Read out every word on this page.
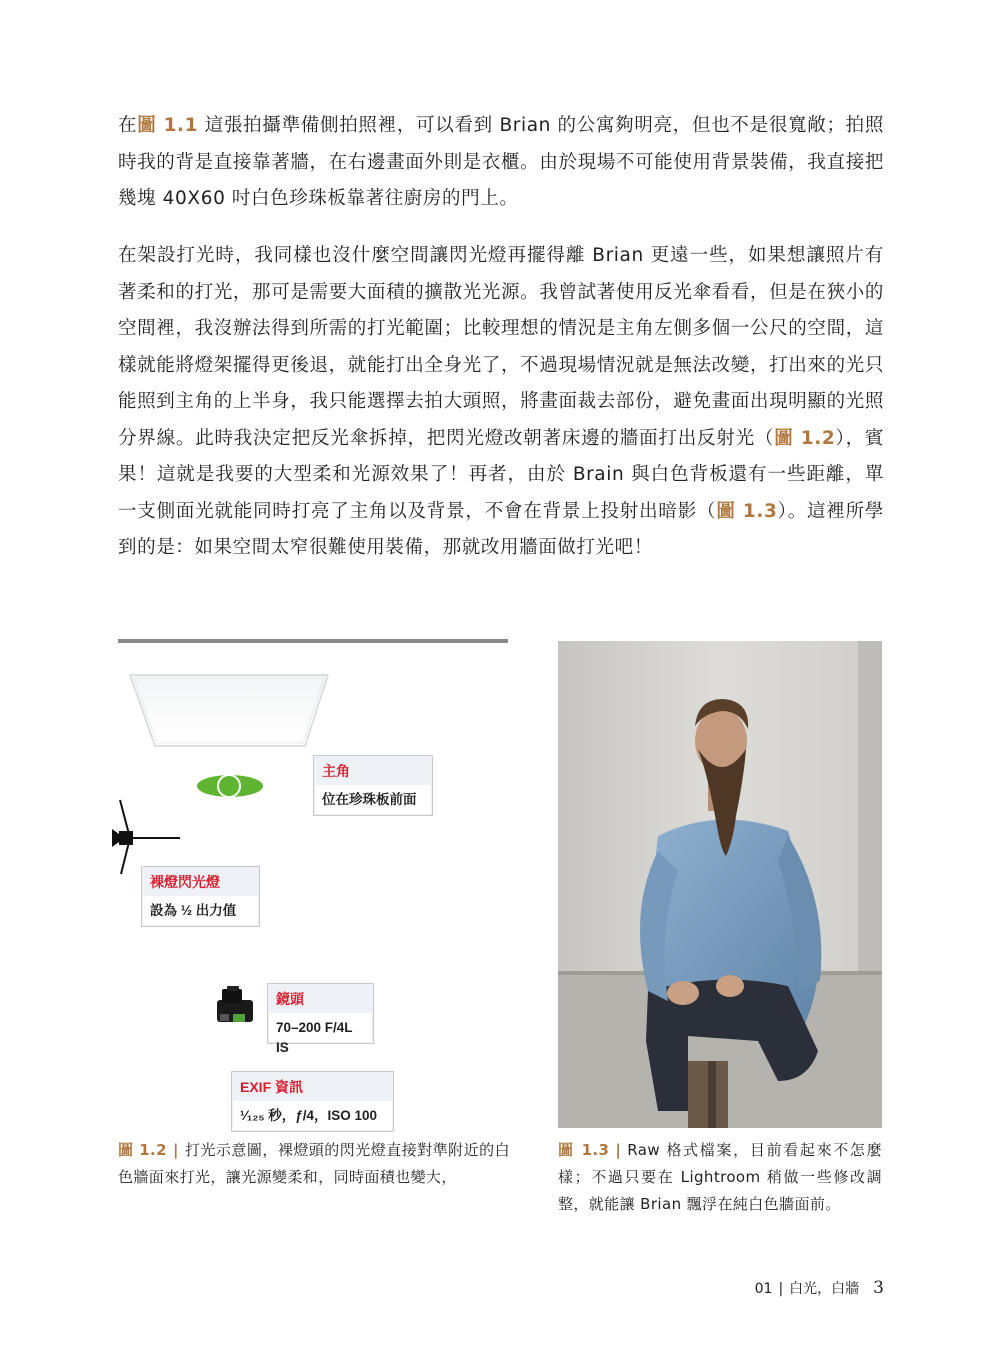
在圖 1.1 這張拍攝準備側拍照裡，可以看到 Brian 的公寓夠明亮，但也不是很寬敞；拍照時我的背是直接靠著牆，在右邊畫面外則是衣櫃。由於現場不可能使用背景裝備，我直接把幾塊 40X60 吋白色珍珠板靠著往廚房的門上。

在架設打光時，我同樣也沒什麼空間讓閃光燈再擺得離 Brian 更遠一些，如果想讓照片有著柔和的打光，那可是需要大面積的擴散光光源。我曾試著使用反光傘看看，但是在狹小的空間裡，我沒辦法得到所需的打光範圍；比較理想的情況是主角左側多個一公尺的空間，這樣就能將燈架擺得更後退，就能打出全身光了，不過現場情況就是無法改變，打出來的光只能照到主角的上半身，我只能選擇去拍大頭照，將畫面裁去部份，避免畫面出現明顯的光照分界線。此時我決定把反光傘拆掉，把閃光燈改朝著床邊的牆面打出反射光（圖 1.2），賓果！這就是我要的大型柔和光源效果了！再者，由於 Brain 與白色背板還有一些距離，單一支側面光就能同時打亮了主角以及背景，不會在背景上投射出暗影（圖 1.3）。這裡所學到的是：如果空間太窄很難使用裝備，那就改用牆面做打光吧！

主角
位在珍珠板前面
裸燈閃光燈
設為 ½ 出力值
鏡頭
70–200 F/4L IS
EXIF 資訊
¹⁄₁₂₅ 秒，ƒ/4，ISO 100

圖 1.2 | 打光示意圖，裸燈頭的閃光燈直接對準附近的白色牆面來打光，讓光源變柔和，同時面積也變大，

圖 1.3 | Raw 格式檔案，目前看起來不怎麼樣；不過只要在 Lightroom 稍做一些修改調整，就能讓 Brian 飄浮在純白色牆面前。

01 | 白光，白牆 3
